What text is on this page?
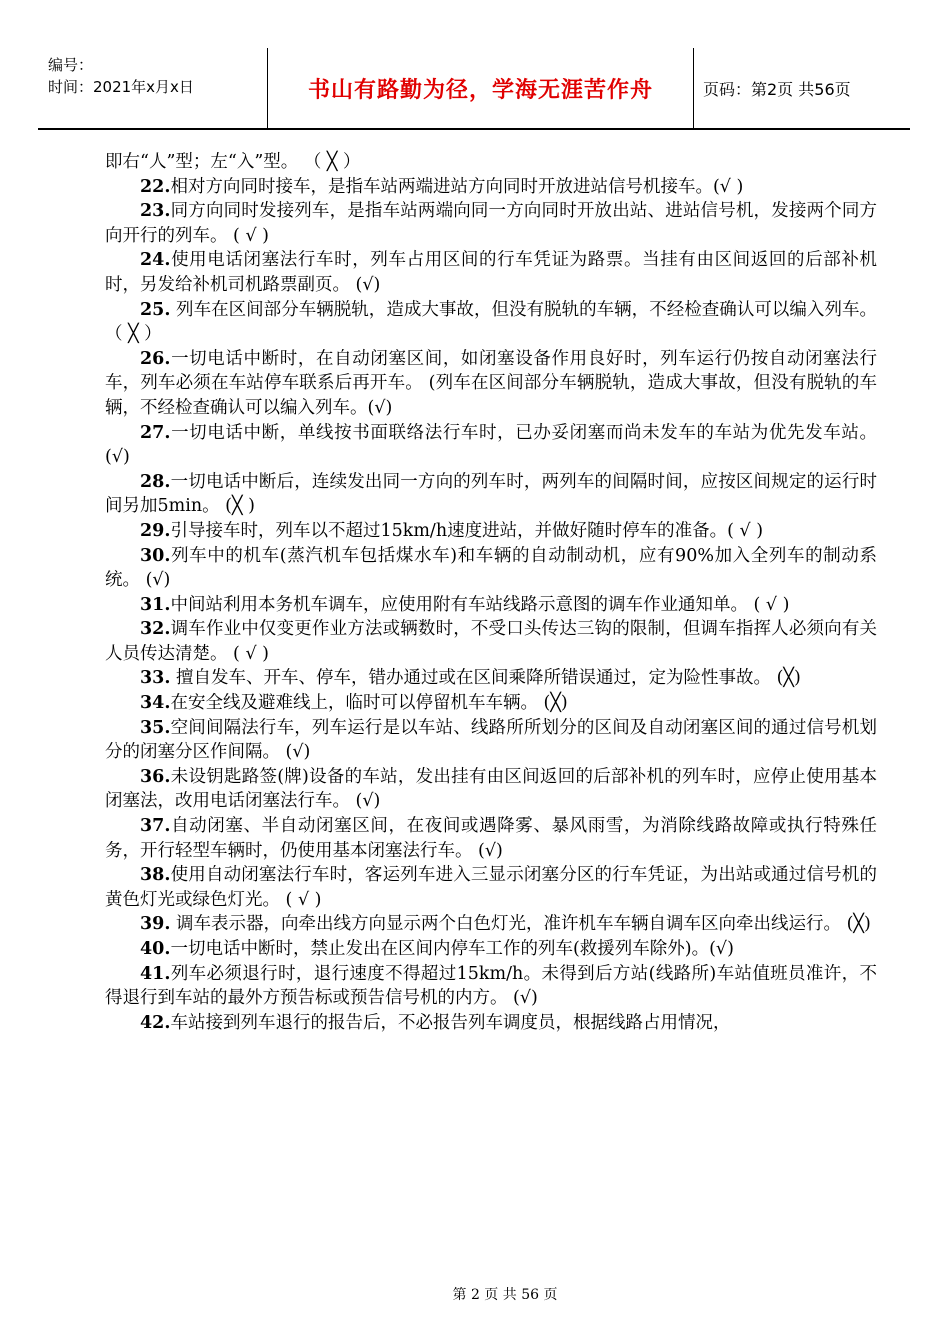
编号：
时间：2021年x月x日	书山有路勤为径，学海无涯苦作舟	页码：第2页 共56页

即右“人”型；左“入”型。 （ ╳ ）

22.相对方向同时接车，是指车站两端进站方向同时开放进站信号机接车。(√ )

23.同方向同时发接列车，是指车站两端向同一方向同时开放出站、进站信号机，发接两个同方向开行的列车。 ( √ )

24.使用电话闭塞法行车时，列车占用区间的行车凭证为路票。当挂有由区间返回的后部补机时，另发给补机司机路票副页。 (√)

25. 列车在区间部分车辆脱轨，造成大事故，但没有脱轨的车辆，不经检查确认可以编入列车。 （ ╳ ）

26.一切电话中断时，在自动闭塞区间，如闭塞设备作用良好时，列车运行仍按自动闭塞法行车，列车必须在车站停车联系后再开车。 (列车在区间部分车辆脱轨，造成大事故，但没有脱轨的车辆，不经检查确认可以编入列车。(√)

27.一切电话中断，单线按书面联络法行车时，已办妥闭塞而尚未发车的车站为优先发车站。 (√)

28.一切电话中断后，连续发出同一方向的列车时，两列车的间隔时间，应按区间规定的运行时间另加5min。 (╳ )

29.引导接车时，列车以不超过15km/h速度进站，并做好随时停车的准备。( √ )

30.列车中的机车(蒸汽机车包括煤水车)和车辆的自动制动机，应有90%加入全列车的制动系统。 (√)

31.中间站利用本务机车调车，应使用附有车站线路示意图的调车作业通知单。 ( √ )

32.调车作业中仅变更作业方法或辆数时，不受口头传达三钩的限制，但调车指挥人必须向有关人员传达清楚。 ( √ )

33. 擅自发车、开车、停车，错办通过或在区间乘降所错误通过，定为险性事故。 (╳)

34.在安全线及避难线上，临时可以停留机车车辆。 (╳)

35.空间间隔法行车，列车运行是以车站、线路所所划分的区间及自动闭塞区间的通过信号机划分的闭塞分区作间隔。 (√)

36.未设钥匙路签(牌)设备的车站，发出挂有由区间返回的后部补机的列车时，应停止使用基本闭塞法，改用电话闭塞法行车。 (√)

37.自动闭塞、半自动闭塞区间，在夜间或遇降雾、暴风雨雪，为消除线路故障或执行特殊任务，开行轻型车辆时，仍使用基本闭塞法行车。 (√)

38.使用自动闭塞法行车时，客运列车进入三显示闭塞分区的行车凭证，为出站或通过信号机的黄色灯光或绿色灯光。 ( √ )

39. 调车表示器，向牵出线方向显示两个白色灯光，准许机车车辆自调车区向牵出线运行。 (╳)

40.一切电话中断时，禁止发出在区间内停车工作的列车(救援列车除外)。(√)

41.列车必须退行时，退行速度不得超过15km/h。未得到后方站(线路所)车站值班员准许，不得退行到车站的最外方预告标或预告信号机的内方。 (√)

42.车站接到列车退行的报告后，不必报告列车调度员，根据线路占用情况，

第 2 页 共 56 页
